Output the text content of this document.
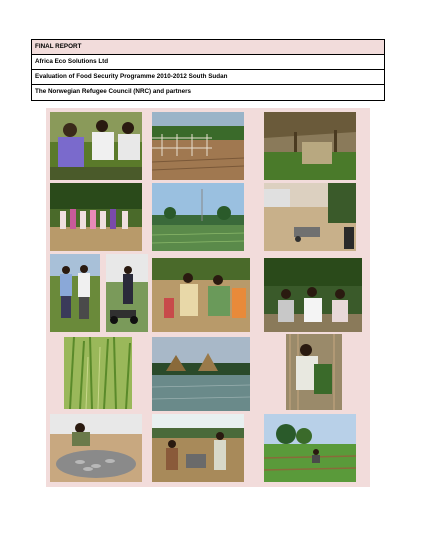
FINAL REPORT
Africa Eco Solutions Ltd
Evaluation of Food Security Programme 2010-2012 South Sudan
The Norwegian Refugee Council (NRC) and partners
